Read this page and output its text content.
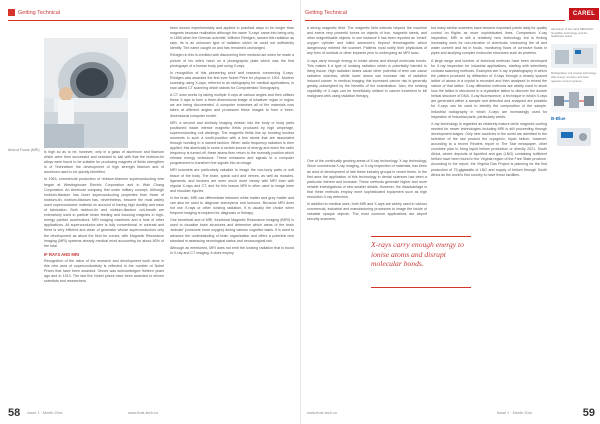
Getting Technical
Area of Focus (MRI)	is high so as to be, however, only in a glass of aluminum and titanium which were then successful and resistant to sail with that the niobium-tin alloys were found to be suitable for producing magnets of fields strengthen in of Technetium the development of high strength titanium and of aluminum used to be quickly identified.

In 1963, commercial production of niobium-titanium superconducting wire began at Westinghouse Electric Corporation and in Wah Chang Corporation. An American company first under military concept. Although niobium-titanium has lower superconducting properties than those of niobium-tin, niobium-titanium has, nevertheless, become the most widely used superconductor material on account of having high ductility and ease of fabrication. Both niobium-tin and niobium-titanium coil-breath are extensively used in particle beam feeding and focusing magnets in high-energy particle accelerators. MRI imaging machines and a host of other applications. All superconductor-wire is fully conventional, in contrast and there is very efficient and clean of generator whose superconductors only the development as about the field be comes, with Magnetic Resonance Imaging (MRI) systems already medical mind accounting for about 80% of the total.

IF RAYS AND MRI

Recognition of the value of the research and development work done in this new area of superconductivity is reflected in the number of Nobel Prizes that have been awarded. Onnes was acknowledged thirteen years ago and in 1913. The last five Nobel prizes have been awarded to eleven scientists and researchers.

been known experimentally and applied in practical ways to be longer than magnets because realization although the name 'X-rays' came into being only in 1895 when the German scientist, Wilhelm Röntgen, named this radiation as rays. Its is an unknown type of radiation which he could not sufficiently identify. The name caught on and has remained unchanged.

Röntgen in this is credited with discovering their medical use when he made a picture of his wife's hand on a photographic plate which was the first photograph of a human body part using X-rays.

In recognition of this pioneering work and research concerning X-rays, Röntgen was awarded the first ever Nobel Prize for physics in 1901. Modern scanning using X-rays, referred to as radiography for medical applications, is now called CT scanning which stands for Computerised Tomography.

A CT scan works by taking multiple X-rays at various angles and then utilises these X-rays to form a three-dimensional image of whatever organ or region we are being documented. A computer examines all of the materials now taken at different angles and processes these images to form a three-dimensional computer model.

MRI, a second and similarly imaging version into the body or body parts positioned inside intense magnetic fields produced by high amperage, superconducting coil windings. The magnetic fields line up bonding nuclear moments in such a south-position with a few atoms that are associated through bonding in a named fashion. When radio frequency radiation is then applied, this atomically in some a certain source of energy and when the radio frequency is turned off, these atoms then return to the normally position which release energy emissions. These emissions and signals to a computer programmed to transform the signals into an image.

MRI scanners are particularly valuable to image the non-bony parts or soft tissue of the body. The brain, spinal cord and nerves, as well as muscles, ligaments, and tendons are seen much more clearly with MRI than with regular X-rays and CT, and for this reason MRI is often used to image knee and shoulder injuries.

In the brain, MRI can differentiate between white matter and grey matter and can also be used to diagnose aneurysms and tumours. Because MRI does not use X-rays or other ionizing radiation, it is usually the choice when frequent imaging is required for diagnosis or therapy.

One beneficial and of MRI, functional Magnetic Resonance Imaging (fMRI) is used to visualise brain structures and determine which areas of the brain 'activate' (consume more oxygen) during various cognitive tasks. It is used to advance the understanding of brain organisation and offers a potential new standard in assessing neurological status and neurosurgical risk.

Although as mentioned, MRI does not emit the ionizing radiation that is found in X-ray and CT imaging, it does employ

58 Issue 1 · Month 20xx	www.frost-tech.co
Getting Technical	CAREL

a strong magnetic field. The magnetic field extends beyond the machine and exerts very powerful forces on objects of iron, magnetic steels, and other magnetisable objects. In one instance it has been reported an 'errant' oxygen cylinder and killed someone's beyond ferromagnetic which dangerously entered the scanner. Patients must notify their physicians of any form of medical or other implants prior to undergoing an MRI scan.

X-rays carry enough energy to ionise atoms and disrupt molecular bonds. This makes it a type of ionising radiation which is potentially harmful to living tissue. High radiation doses cause other potential of term can cause radiation sickness, whilst lower doses can increase risk of radiation induced cancer. In medical imaging this increased cancer risk is generally greatly outweighed by the benefits of the examination. Also, the ionising capability of X-rays can be beneficially utilised in cancer treatment to kill malignant cells using radiation therapy.

One of the continually growing areas of X-ray technology. X-ray technology. Since commercial X-ray imaging, or X-ray inspection of materials, has been an area of development of late these industry groups in recent times. In the first area the application of this technology in dental sciences has been a particular interest and increase. These methods generate higher and more reliable investigations of new smaller details. However, the disadvantage is that these methods employ more sophisticated equipment such as high resolution X-ray detectors.

In addition to medical uses, both MRI and X-rays are widely used in various commercial, industrial and manufacturing processes to image the inside of valuable opaque objects. The most common applications are airport security scanners,

but many similar scanners have become important points daily for quality control on flights as more sophisticated lines. Comparison X-ray inspection, MRI is still a relatively new technology but is finding increasing uses for non-intrusive of chemicals, measuring the oil and water content and fat in foods, monitoring flows of corrosive fluids in pipes and studying complex molecular structures such as proteins.

A large range and number of technical methods have been developed for X-ray inspection for industrial applications, starting with selectively contrast scanning methods. Examples are X-ray crystallography in which the pattern produced by diffraction of X-rays through a closely spaced lattice of atoms in a crystal is recorded and then analysed to reveal the nature of that lattice. X-ray diffraction methods are widely used to show how the lattice is structured in a crystalline lattice to discover the double helical structure of DNA. X-ray fluorescence, a technique in which X-rays are generated within a sample and detected and analysed are possible for X-rays can be used to identify the composition of the sample. Industrial radiography in which X-rays are increasingly used for inspection of industrial parts, particularly welds.

X-ray technology is regarded as relatively mature while magnetic cooling needed for newer technologies including MRI is still proceeding through development stages. Only nine countries in the world are admitted to the selection of the raw product the cryogenic; liquid helium, however, according to a recent Reuters report in The Star newspaper, other countries plan to bring liquid helium production or directly 2021. South Africa, where deposits of liquefied and gas (LNG) containing sufficient helium have been found in the Virginia region of the Free State province. According to the report, the Virginia Gas Project is planning for the first production of 75-gigawatts of LNG and supply of helium through South Africa as the world's first country to have these facilities.

Aluminium of the Carel MRI/HVAC humidifier technology and the healthcare scans.
Refrigeration unit cooling technology with energy recovery and heat rejection control systems.
B-Blue
X-rays carry enough energy to ionise atoms and disrupt molecular bonds.
www.frost-tech.co	Issue 1 · Month 20xx	59
